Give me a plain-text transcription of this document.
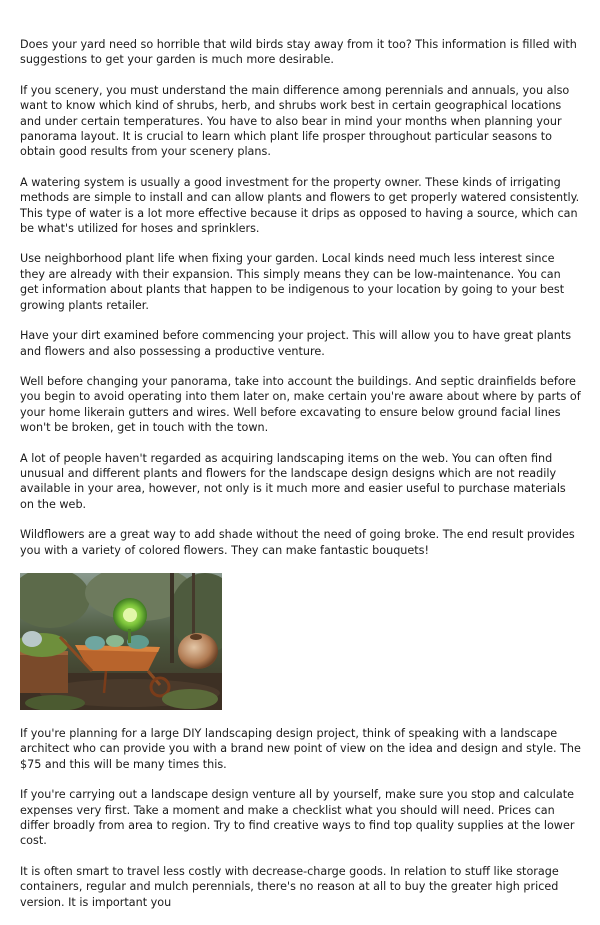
Does your yard need so horrible that wild birds stay away from it too? This information is filled with suggestions to get your garden is much more desirable.

If you scenery, you must understand the main difference among perennials and annuals, you also want to know which kind of shrubs, herb, and shrubs work best in certain geographical locations and under certain temperatures. You have to also bear in mind your months when planning your panorama layout. It is crucial to learn which plant life prosper throughout particular seasons to obtain good results from your scenery plans.

A watering system is usually a good investment for the property owner. These kinds of irrigating methods are simple to install and can allow plants and flowers to get properly watered consistently. This type of water is a lot more effective because it drips as opposed to having a source, which can be what's utilized for hoses and sprinklers.

Use neighborhood plant life when fixing your garden. Local kinds need much less interest since they are already with their expansion. This simply means they can be low-maintenance. You can get information about plants that happen to be indigenous to your location by going to your best growing plants retailer.

Have your dirt examined before commencing your project. This will allow you to have great plants and flowers and also possessing a productive venture.

Well before changing your panorama, take into account the buildings. And septic drainfields before you begin to avoid operating into them later on, make certain you're aware about where by parts of your home likerain gutters and wires. Well before excavating to ensure below ground facial lines won't be broken, get in touch with the town.

A lot of people haven't regarded as acquiring landscaping items on the web. You can often find unusual and different plants and flowers for the landscape design designs which are not readily available in your area, however, not only is it much more and easier useful to purchase materials on the web.

Wildflowers are a great way to add shade without the need of going broke. The end result provides you with a variety of colored flowers. They can make fantastic bouquets!

If you're planning for a large DIY landscaping design project, think of speaking with a landscape architect who can provide you with a brand new point of view on the idea and design and style. The $75 and this will be many times this.

If you're carrying out a landscape design venture all by yourself, make sure you stop and calculate expenses very first. Take a moment and make a checklist what you should will need. Prices can differ broadly from area to region. Try to find creative ways to find top quality supplies at the lower cost.

It is often smart to travel less costly with decrease-charge goods. In relation to stuff like storage containers, regular and mulch perennials, there's no reason at all to buy the greater high priced version. It is important you
